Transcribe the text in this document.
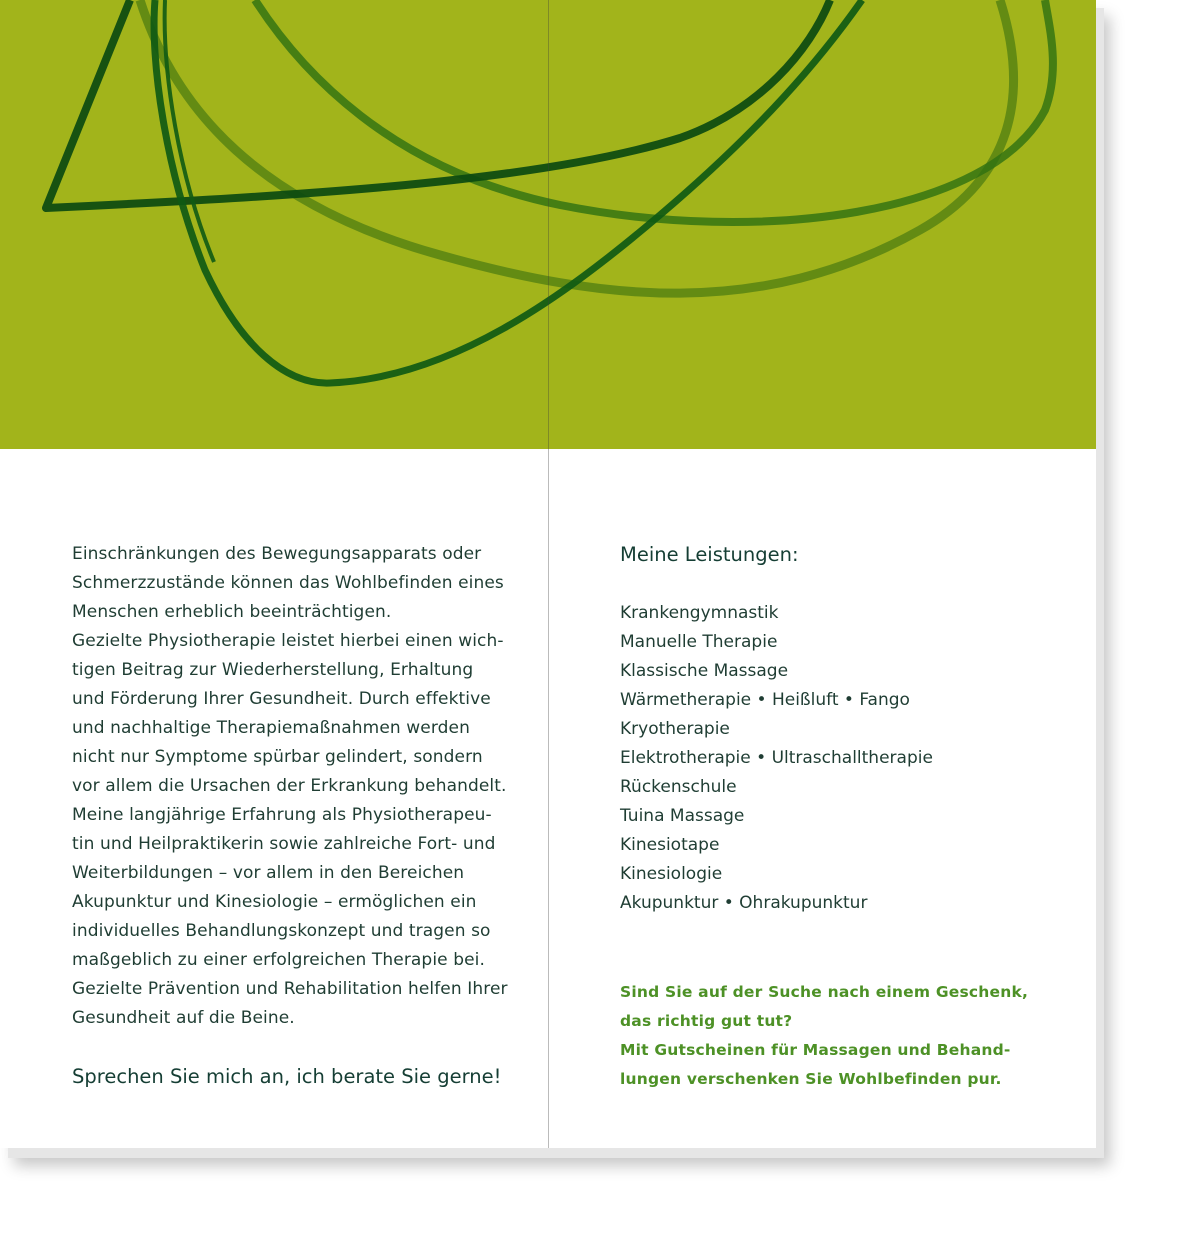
Einschränkungen des Bewegungsapparats oder
Schmerzzustände können das Wohlbefinden eines
Menschen erheblich beeinträchtigen.
Gezielte Physiotherapie leistet hierbei einen wich-
tigen Beitrag zur Wiederherstellung, Erhaltung
und Förderung Ihrer Gesundheit. Durch effektive
und nachhaltige Therapiemaßnahmen werden
nicht nur Symptome spürbar gelindert, sondern
vor allem die Ursachen der Erkrankung behandelt.
Meine langjährige Erfahrung als Physiotherapeu-
tin und Heilpraktikerin sowie zahlreiche Fort- und
Weiterbildungen – vor allem in den Bereichen
Akupunktur und Kinesiologie – ermöglichen ein
individuelles Behandlungskonzept und tragen so
maßgeblich zu einer erfolgreichen Therapie bei.
Gezielte Prävention und Rehabilitation helfen Ihrer
Gesundheit auf die Beine.
Sprechen Sie mich an, ich berate Sie gerne!
Meine Leistungen:
Krankengymnastik
Manuelle Therapie
Klassische Massage
Wärmetherapie • Heißluft • Fango
Kryotherapie
Elektrotherapie • Ultraschalltherapie
Rückenschule
Tuina Massage
Kinesiotape
Kinesiologie
Akupunktur • Ohrakupunktur
Sind Sie auf der Suche nach einem Geschenk,
das richtig gut tut?
Mit Gutscheinen für Massagen und Behand-
lungen verschenken Sie Wohlbefinden pur.
